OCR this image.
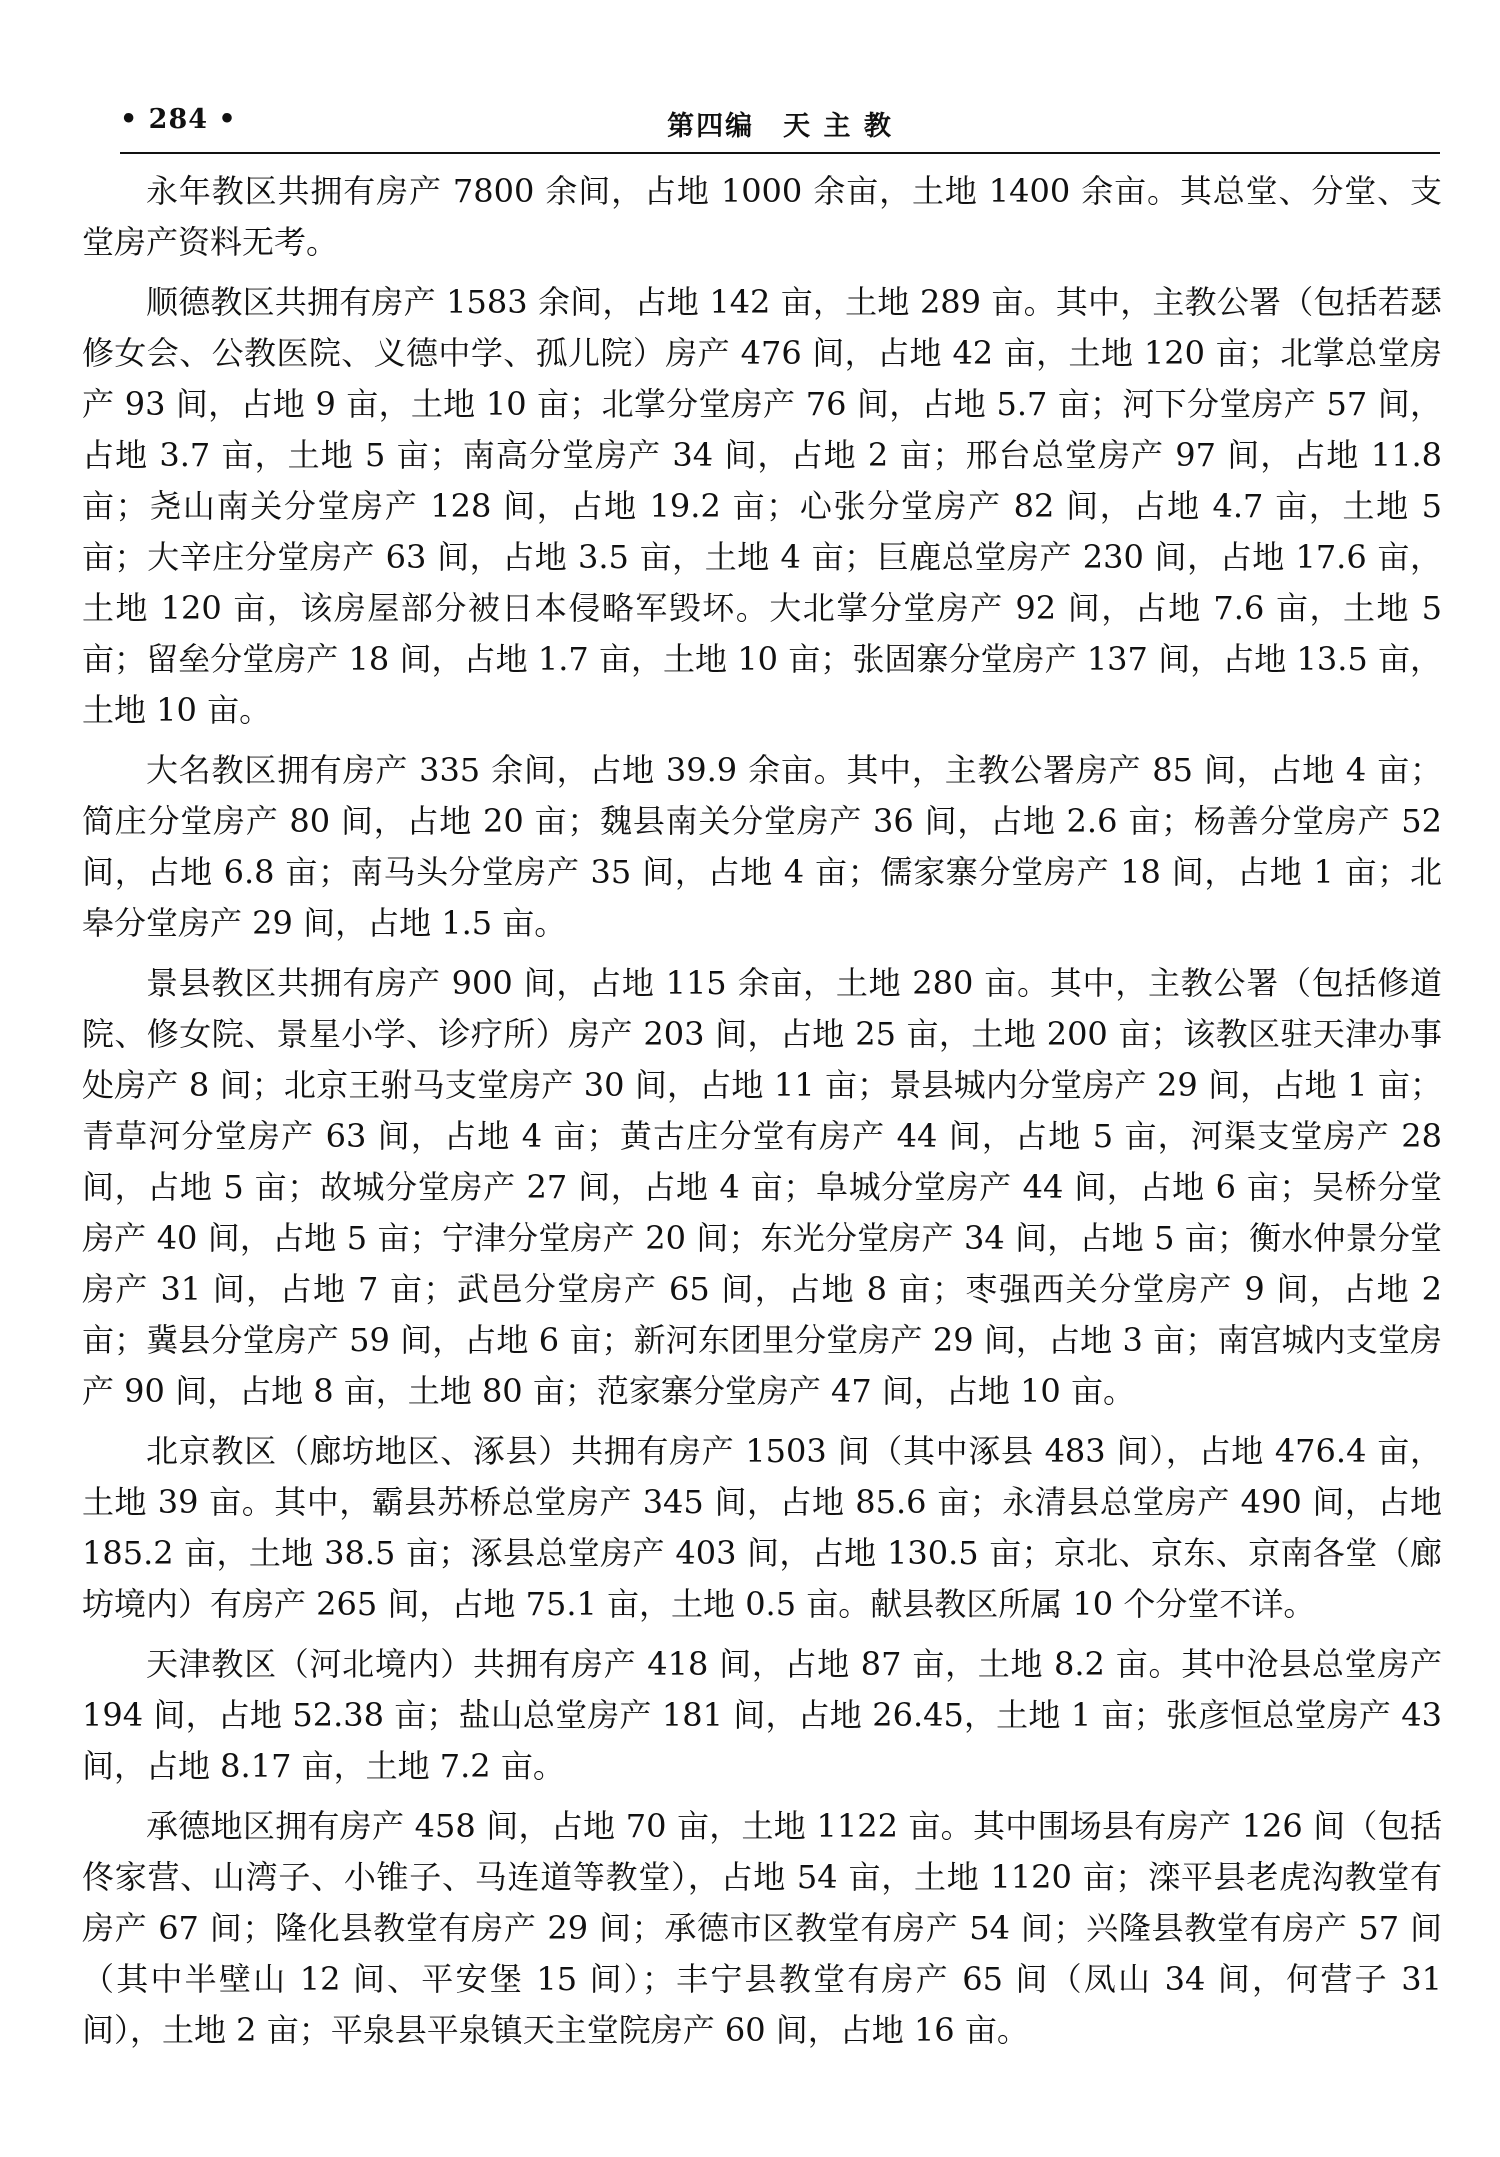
• 284 •	第四编　天 主 教

永年教区共拥有房产 7800 余间，占地 1000 余亩，土地 1400 余亩。其总堂、分堂、支堂房产资料无考。

顺德教区共拥有房产 1583 余间，占地 142 亩，土地 289 亩。其中，主教公署（包括若瑟修女会、公教医院、义德中学、孤儿院）房产 476 间，占地 42 亩，土地 120 亩；北掌总堂房产 93 间，占地 9 亩，土地 10 亩；北掌分堂房产 76 间，占地 5.7 亩；河下分堂房产 57 间，占地 3.7 亩，土地 5 亩；南高分堂房产 34 间，占地 2 亩；邢台总堂房产 97 间，占地 11.8 亩；尧山南关分堂房产 128 间，占地 19.2 亩；心张分堂房产 82 间，占地 4.7 亩，土地 5 亩；大辛庄分堂房产 63 间，占地 3.5 亩，土地 4 亩；巨鹿总堂房产 230 间，占地 17.6 亩，土地 120 亩，该房屋部分被日本侵略军毁坏。大北掌分堂房产 92 间，占地 7.6 亩，土地 5 亩；留垒分堂房产 18 间，占地 1.7 亩，土地 10 亩；张固寨分堂房产 137 间，占地 13.5 亩，土地 10 亩。

大名教区拥有房产 335 余间，占地 39.9 余亩。其中，主教公署房产 85 间，占地 4 亩；简庄分堂房产 80 间，占地 20 亩；魏县南关分堂房产 36 间，占地 2.6 亩；杨善分堂房产 52 间，占地 6.8 亩；南马头分堂房产 35 间，占地 4 亩；儒家寨分堂房产 18 间，占地 1 亩；北皋分堂房产 29 间，占地 1.5 亩。

景县教区共拥有房产 900 间，占地 115 余亩，土地 280 亩。其中，主教公署（包括修道院、修女院、景星小学、诊疗所）房产 203 间，占地 25 亩，土地 200 亩；该教区驻天津办事处房产 8 间；北京王驸马支堂房产 30 间，占地 11 亩；景县城内分堂房产 29 间，占地 1 亩；青草河分堂房产 63 间，占地 4 亩；黄古庄分堂有房产 44 间，占地 5 亩，河渠支堂房产 28 间，占地 5 亩；故城分堂房产 27 间，占地 4 亩；阜城分堂房产 44 间，占地 6 亩；吴桥分堂房产 40 间，占地 5 亩；宁津分堂房产 20 间；东光分堂房产 34 间，占地 5 亩；衡水仲景分堂房产 31 间，占地 7 亩；武邑分堂房产 65 间，占地 8 亩；枣强西关分堂房产 9 间，占地 2 亩；冀县分堂房产 59 间，占地 6 亩；新河东团里分堂房产 29 间，占地 3 亩；南宫城内支堂房产 90 间，占地 8 亩，土地 80 亩；范家寨分堂房产 47 间，占地 10 亩。

北京教区（廊坊地区、涿县）共拥有房产 1503 间（其中涿县 483 间），占地 476.4 亩，土地 39 亩。其中，霸县苏桥总堂房产 345 间，占地 85.6 亩；永清县总堂房产 490 间，占地 185.2 亩，土地 38.5 亩；涿县总堂房产 403 间，占地 130.5 亩；京北、京东、京南各堂（廊坊境内）有房产 265 间，占地 75.1 亩，土地 0.5 亩。献县教区所属 10 个分堂不详。

天津教区（河北境内）共拥有房产 418 间，占地 87 亩，土地 8.2 亩。其中沧县总堂房产 194 间，占地 52.38 亩；盐山总堂房产 181 间，占地 26.45，土地 1 亩；张彦恒总堂房产 43 间，占地 8.17 亩，土地 7.2 亩。

承德地区拥有房产 458 间，占地 70 亩，土地 1122 亩。其中围场县有房产 126 间（包括佟家营、山湾子、小锥子、马连道等教堂），占地 54 亩，土地 1120 亩；滦平县老虎沟教堂有房产 67 间；隆化县教堂有房产 29 间；承德市区教堂有房产 54 间；兴隆县教堂有房产 57 间（其中半壁山 12 间、平安堡 15 间）；丰宁县教堂有房产 65 间（凤山 34 间，何营子 31 间），土地 2 亩；平泉县平泉镇天主堂院房产 60 间，占地 16 亩。
